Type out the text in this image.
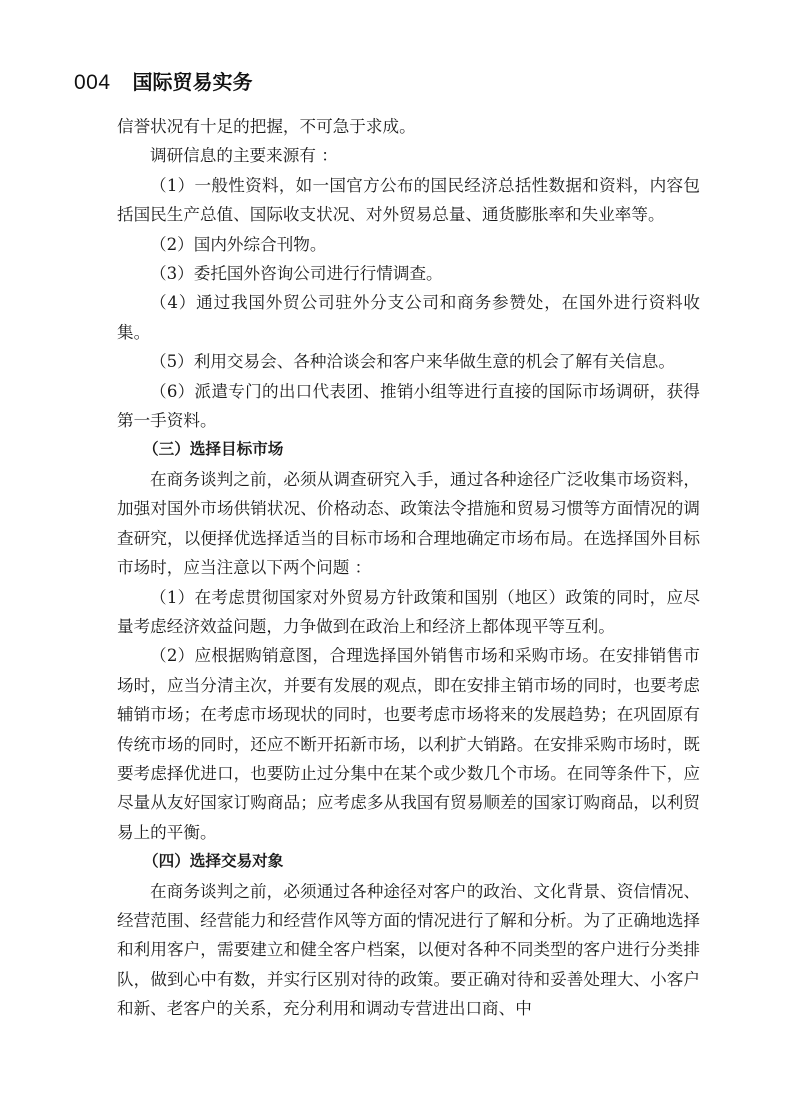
004 国际贸易实务

信誉状况有十足的把握，不可急于求成。

调研信息的主要来源有 ：

（1）一般性资料，如一国官方公布的国民经济总括性数据和资料，内容包括国民生产总值、国际收支状况、对外贸易总量、通货膨胀率和失业率等。

（2）国内外综合刊物。

（3）委托国外咨询公司进行行情调查。

（4）通过我国外贸公司驻外分支公司和商务参赞处，在国外进行资料收集。

（5）利用交易会、各种洽谈会和客户来华做生意的机会了解有关信息。

（6）派遣专门的出口代表团、推销小组等进行直接的国际市场调研，获得第一手资料。

（三）选择目标市场

在商务谈判之前，必须从调查研究入手，通过各种途径广泛收集市场资料，加强对国外市场供销状况、价格动态、政策法令措施和贸易习惯等方面情况的调查研究，以便择优选择适当的目标市场和合理地确定市场布局。在选择国外目标市场时，应当注意以下两个问题 ：

（1）在考虑贯彻国家对外贸易方针政策和国别（地区）政策的同时，应尽量考虑经济效益问题，力争做到在政治上和经济上都体现平等互利。

（2）应根据购销意图，合理选择国外销售市场和采购市场。在安排销售市场时，应当分清主次，并要有发展的观点，即在安排主销市场的同时，也要考虑辅销市场；在考虑市场现状的同时，也要考虑市场将来的发展趋势；在巩固原有传统市场的同时，还应不断开拓新市场，以利扩大销路。在安排采购市场时，既要考虑择优进口，也要防止过分集中在某个或少数几个市场。在同等条件下，应尽量从友好国家订购商品；应考虑多从我国有贸易顺差的国家订购商品，以利贸易上的平衡。

（四）选择交易对象

在商务谈判之前，必须通过各种途径对客户的政治、文化背景、资信情况、经营范围、经营能力和经营作风等方面的情况进行了解和分析。为了正确地选择和利用客户，需要建立和健全客户档案，以便对各种不同类型的客户进行分类排队，做到心中有数，并实行区别对待的政策。要正确对待和妥善处理大、小客户和新、老客户的关系，充分利用和调动专营进出口商、中
